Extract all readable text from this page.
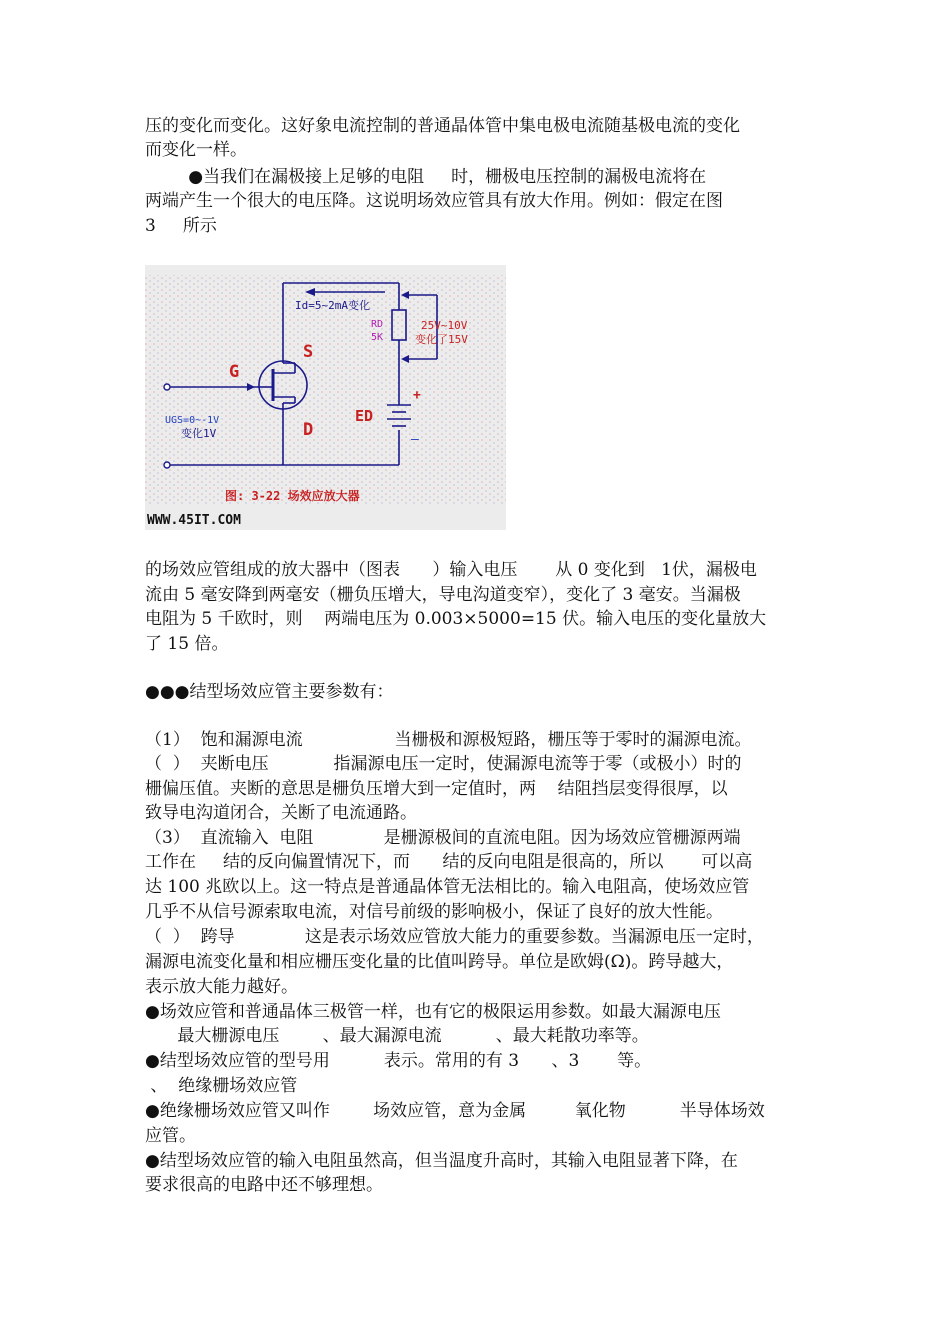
压的变化而变化。这好象电流控制的普通晶体管中集电极电流随基极电流的变化
而变化一样。
●当我们在漏极接上足够的电阻     时，栅极电压控制的漏极电流将在
两端产生一个很大的电压降。这说明场效应管具有放大作用。例如：假定在图
3     所示
Id=5~2mA变化
RD
5K
25V~10V
变化了15V
G
S
D
ED
+
—
UGS=0~-1V
变化1V
图: 3-22 场效应放大器
WWW.45IT.COM
的场效应管组成的放大器中（图表      ）输入电压       从 0 变化到   1伏，漏极电
流由 5 毫安降到两毫安（栅负压增大，导电沟道变窄），变化了 3 毫安。当漏极
电阻为 5 千欧时，则    两端电压为 0.003×5000=15 伏。输入电压的变化量放大
了 15 倍。
●●●结型场效应管主要参数有：
（1）  饱和漏源电流                 当栅极和源极短路，栅压等于零时的漏源电流。
（  ）  夹断电压            指漏源电压一定时，使漏源电流等于零（或极小）时的
栅偏压值。夹断的意思是栅负压增大到一定值时，两    结阻挡层变得很厚，以
致导电沟道闭合，关断了电流通路。
（3）  直流输入  电阻             是栅源极间的直流电阻。因为场效应管栅源两端
工作在     结的反向偏置情况下，而      结的反向电阻是很高的，所以       可以高
达 100 兆欧以上。这一特点是普通晶体管无法相比的。输入电阻高，使场效应管
几乎不从信号源索取电流，对信号前级的影响极小，保证了良好的放大性能。
（  ）  跨导             这是表示场效应管放大能力的重要参数。当漏源电压一定时，
漏源电流变化量和相应栅压变化量的比值叫跨导。单位是欧姆(Ω)。跨导越大，
表示放大能力越好。
●场效应管和普通晶体三极管一样，也有它的极限运用参数。如最大漏源电压
最大栅源电压        、最大漏源电流          、最大耗散功率等。
●结型场效应管的型号用          表示。常用的有 3      、3       等。
、  绝缘栅场效应管
●绝缘栅场效应管又叫作        场效应管，意为金属         氧化物          半导体场效
应管。
●结型场效应管的输入电阻虽然高，但当温度升高时，其输入电阻显著下降，在
要求很高的电路中还不够理想。
